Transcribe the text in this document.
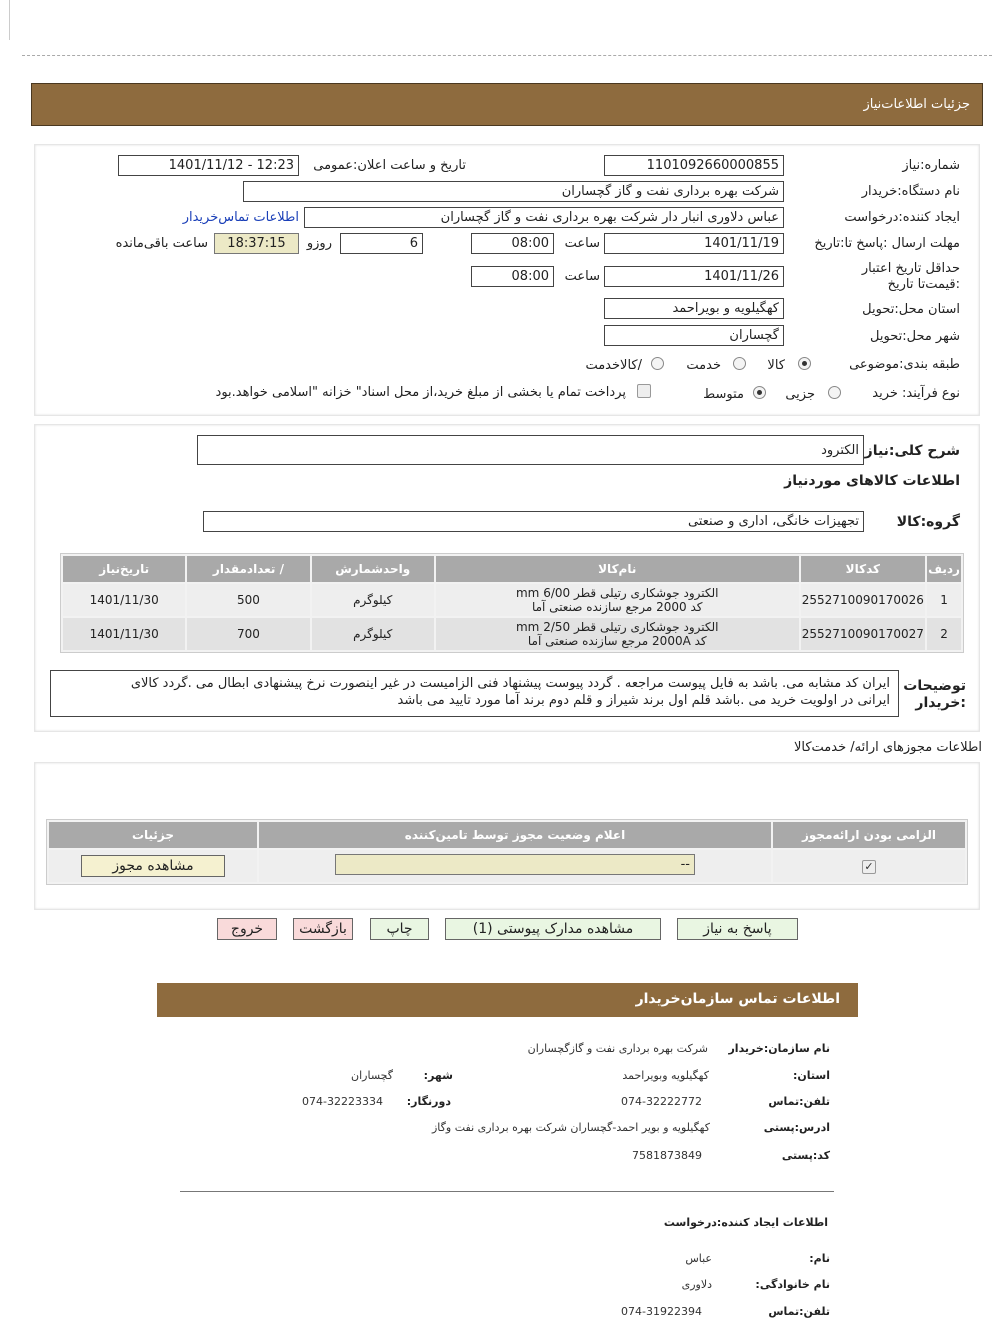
جزئیات اطلاعات‌نیاز
شماره:نیاز
1101092660000855
تاریخ و ساعت اعلان:عمومی
1401/11/12 - 12:23
نام دستگاه:خریدار
شرکت بهره برداری نفت و گاز گچساران
ایجاد کننده:درخواست
عباس دلاوری انبار دار شرکت بهره برداری نفت و گاز گچساران
اطلاعات تماس‌خریدار
مهلت ارسال :پاسخ تا:تاریخ
1401/11/19
ساعت
08:00
6
روزو
18:37:15
ساعت باقی‌مانده
حداقل تاریخ اعتبار :قیمت‌تا تاریخ
1401/11/26
ساعت
08:00
استان محل:تحویل
کهگیلویه و بویراحمد
شهر محل:تحویل
گچساران
طبقه بندی:موضوعی
کالا
خدمت
/کالاخدمت
نوع فرآیند: خرید
جزیی
متوسط
پرداخت تمام یا بخشی از مبلغ خرید،از محل اسناد" خزانه "اسلامی خواهد.بود
شرح کلی:نیاز
الکترود
اطلاعات کالاهای موردنیاز
گروه:کالا
تجهیزات خانگی، اداری و صنعتی
ردیف	کدکالا	نام‌کالا	واحدشمارش	/ تعدادمقدار	تاریخ‌نیاز
1	2552710090170026	الکترود جوشکاری رتیلی قطر 6/00 mm
کد 2000 مرجع سازنده صنعتی آما	کیلوگرم	500	1401/11/30
2	2552710090170027	الکترود جوشکاری رتیلی قطر 2/50 mm
کد 2000A مرجع سازنده صنعتی آما	کیلوگرم	700	1401/11/30
توضیحات :خریدار
ایران کد مشابه می. باشد به فایل پیوست مراجعه . گردد پیوست پیشنهاد فنی الزامیست در غیر اینصورت نرخ پیشنهادی ابطال می .گردد کالای
ایرانی در اولویت خرید می .باشد قلم اول برند شیراز و قلم دوم برند آما مورد تایید می باشد
اطلاعات مجوزهای ارائه/ خدمت‌کالا
الزامی بودن ارائه‌مجوز	اعلام وضعیت مجوز توسط تامین‌کننده	جزئیات
✓	--	مشاهده مجوز
پاسخ به نیاز
مشاهده مدارک پیوستی (1)
چاپ
بازگشت
خروج
اطلاعات تماس سازمان‌خریدار
نام سازمان:خریدار
شرکت بهره برداری نفت و گازگچساران
استان:
کهگیلویه وبویراحمد
شهر:
گچساران
تلفن:تماس
074-32222772
دورنگار:
074-32223334
ادرس:پستی
کهگیلویه و بویر احمد-گچساران شرکت بهره برداری نفت وگاز
کد:پستی
7581873849
اطلاعات ایجاد کننده:درخواست
نام:
عباس
نام خانوادگی:
دلاوری
تلفن:تماس
074-31922394
